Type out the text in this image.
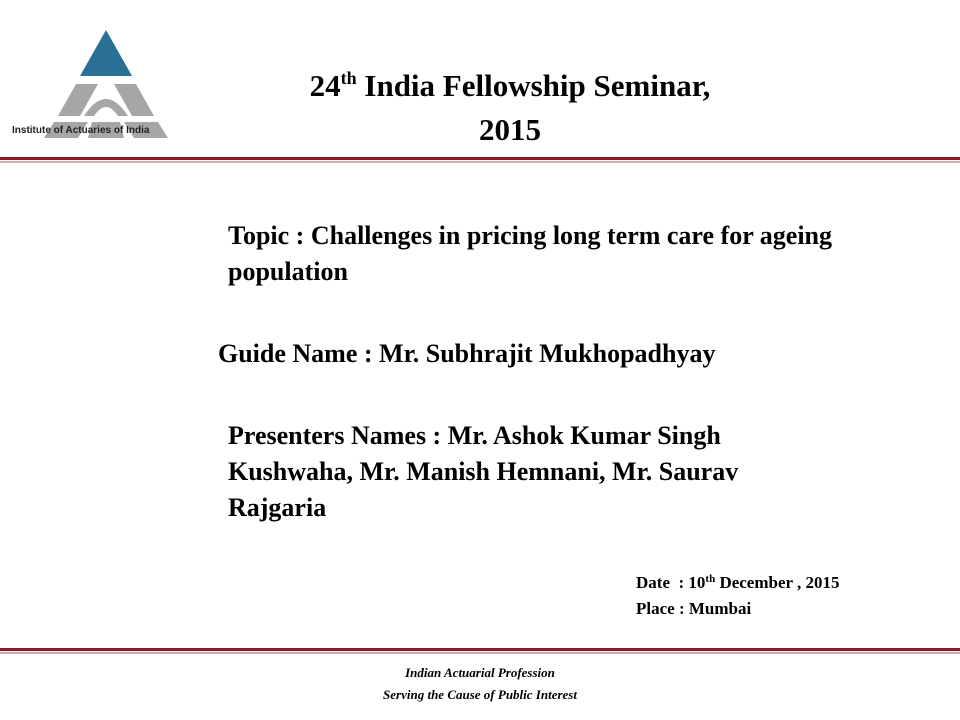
Institute of Actuaries of India
24th India Fellowship Seminar,
2015
Topic : Challenges in pricing long term care for ageing population
Guide Name : Mr. Subhrajit Mukhopadhyay
Presenters Names : Mr. Ashok Kumar Singh Kushwaha, Mr. Manish Hemnani, Mr. Saurav Rajgaria
Date  : 10th December , 2015
Place : Mumbai
Indian Actuarial Profession
Serving the Cause of Public Interest
